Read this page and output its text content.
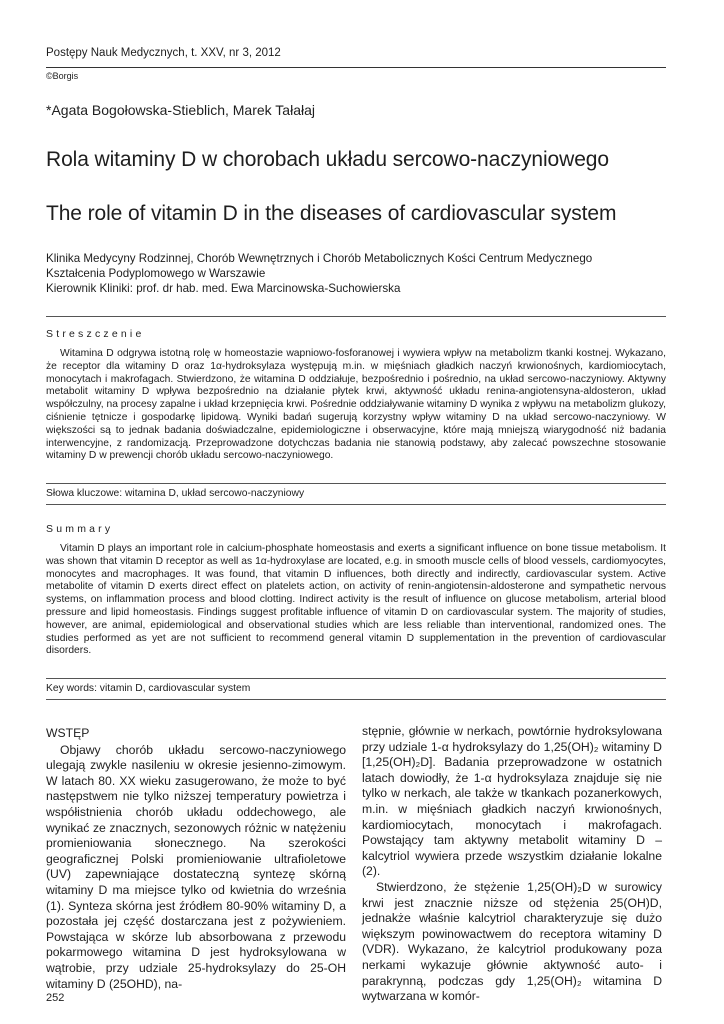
Postępy Nauk Medycznych, t. XXV, nr 3, 2012
©Borgis
*Agata Bogołowska-Stieblich, Marek Tałałaj
Rola witaminy D w chorobach układu sercowo-naczyniowego
The role of vitamin D in the diseases of cardiovascular system
Klinika Medycyny Rodzinnej, Chorób Wewnętrznych i Chorób Metabolicznych Kości Centrum Medycznego
Kształcenia Podyplomowego w Warszawie
Kierownik Kliniki: prof. dr hab. med. Ewa Marcinowska-Suchowierska
Streszczenie

Witamina D odgrywa istotną rolę w homeostazie wapniowo-fosforanowej i wywiera wpływ na metabolizm tkanki kostnej. Wykazano, że receptor dla witaminy D oraz 1α-hydroksylaza występują m.in. w mięśniach gładkich naczyń krwionośnych, kardiomiocytach, monocytach i makrofagach. Stwierdzono, że witamina D oddziałuje, bezpośrednio i pośrednio, na układ sercowo-naczyniowy. Aktywny metabolit witaminy D wpływa bezpośrednio na działanie płytek krwi, aktywność układu renina-angiotensyna-aldosteron, układ współczulny, na procesy zapalne i układ krzepnięcia krwi. Pośrednie oddziaływanie witaminy D wynika z wpływu na metabolizm glukozy, ciśnienie tętnicze i gospodarkę lipidową. Wyniki badań sugerują korzystny wpływ witaminy D na układ sercowo-naczyniowy. W większości są to jednak badania doświadczalne, epidemiologiczne i obserwacyjne, które mają mniejszą wiarygodność niż badania interwencyjne, z randomizacją. Przeprowadzone dotychczas badania nie stanowią podstawy, aby zalecać powszechne stosowanie witaminy D w prewencji chorób układu sercowo-naczyniowego.

Słowa kluczowe: witamina D, układ sercowo-naczyniowy
Summary

Vitamin D plays an important role in calcium-phosphate homeostasis and exerts a significant influence on bone tissue metabolism. It was shown that vitamin D receptor as well as 1α-hydroxylase are located, e.g. in smooth muscle cells of blood vessels, cardiomyocytes, monocytes and macrophages. It was found, that vitamin D influences, both directly and indirectly, cardiovascular system. Active metabolite of vitamin D exerts direct effect on platelets action, on activity of renin-angiotensin-aldosterone and sympathetic nervous systems, on inflammation process and blood clotting. Indirect activity is the result of influence on glucose metabolism, arterial blood pressure and lipid homeostasis. Findings suggest profitable influence of vitamin D on cardiovascular system. The majority of studies, however, are animal, epidemiological and observational studies which are less reliable than interventional, randomized ones. The studies performed as yet are not sufficient to recommend general vitamin D supplementation in the prevention of cardiovascular disorders.

Key words: vitamin D, cardiovascular system
WSTĘP

Objawy chorób układu sercowo-naczyniowego ulegają zwykle nasileniu w okresie jesienno-zimowym. W latach 80. XX wieku zasugerowano, że może to być następstwem nie tylko niższej temperatury powietrza i współistnienia chorób układu oddechowego, ale wynikać ze znacznych, sezonowych różnic w natężeniu promieniowania słonecznego. Na szerokości geograficznej Polski promieniowanie ultrafioletowe (UV) zapewniające dostateczną syntezę skórną witaminy D ma miejsce tylko od kwietnia do września (1). Synteza skórna jest źródłem 80-90% witaminy D, a pozostała jej część dostarczana jest z pożywieniem. Powstająca w skórze lub absorbowana z przewodu pokarmowego witamina D jest hydroksylowana w wątrobie, przy udziale 25-hydroksylazy do 25-OH witaminy D (25OHD), na-

stępnie, głównie w nerkach, powtórnie hydroksylowana przy udziale 1-α hydroksylazy do 1,25(OH)₂ witaminy D [1,25(OH)₂D]. Badania przeprowadzone w ostatnich latach dowiodły, że 1-α hydroksylaza znajduje się nie tylko w nerkach, ale także w tkankach pozanerkowych, m.in. w mięśniach gładkich naczyń krwionośnych, kardiomiocytach, monocytach i makrofagach. Powstający tam aktywny metabolit witaminy D – kalcytriol wywiera przede wszystkim działanie lokalne (2).

Stwierdzono, że stężenie 1,25(OH)₂D w surowicy krwi jest znacznie niższe od stężenia 25(OH)D, jednakże właśnie kalcytriol charakteryzuje się dużo większym powinowactwem do receptora witaminy D (VDR). Wykazano, że kalcytriol produkowany poza nerkami wykazuje głównie aktywność auto- i parakrynną, podczas gdy 1,25(OH)₂ witamina D wytwarzana w komór-

252
